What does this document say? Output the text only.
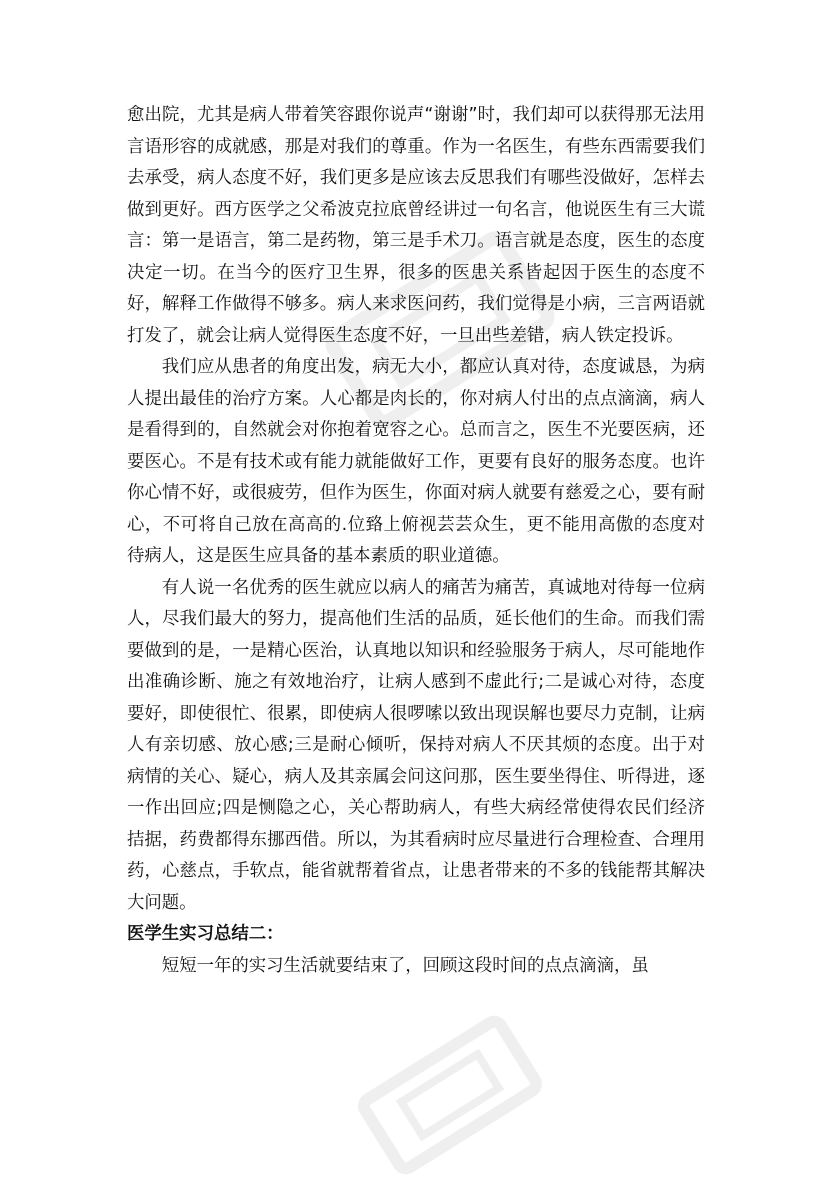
愈出院，尤其是病人带着笑容跟你说声“谢谢”时，我们却可以获得那无法用言语形容的成就感，那是对我们的尊重。作为一名医生，有些东西需要我们去承受，病人态度不好，我们更多是应该去反思我们有哪些没做好，怎样去做到更好。西方医学之父希波克拉底曾经讲过一句名言，他说医生有三大谎言：第一是语言，第二是药物，第三是手术刀。语言就是态度，医生的态度决定一切。在当今的医疗卫生界，很多的医患关系皆起因于医生的态度不好，解释工作做得不够多。病人来求医问药，我们觉得是小病，三言两语就打发了，就会让病人觉得医生态度不好，一旦出些差错，病人铁定投诉。

我们应从患者的角度出发，病无大小，都应认真对待，态度诚恳，为病人提出最佳的治疗方案。人心都是肉长的，你对病人付出的点点滴滴，病人是看得到的，自然就会对你抱着宽容之心。总而言之，医生不光要医病，还要医心。不是有技术或有能力就能做好工作，更要有良好的服务态度。也许你心情不好，或很疲劳，但作为医生，你面对病人就要有慈爱之心，要有耐心，不可将自己放在高高的.位臵上俯视芸芸众生，更不能用高傲的态度对待病人，这是医生应具备的基本素质的职业道德。

有人说一名优秀的医生就应以病人的痛苦为痛苦，真诚地对待每一位病人，尽我们最大的努力，提高他们生活的品质，延长他们的生命。而我们需要做到的是，一是精心医治，认真地以知识和经验服务于病人，尽可能地作出准确诊断、施之有效地治疗，让病人感到不虚此行;二是诚心对待，态度要好，即使很忙、很累，即使病人很啰嗦以致出现误解也要尽力克制，让病人有亲切感、放心感;三是耐心倾听，保持对病人不厌其烦的态度。出于对病情的关心、疑心，病人及其亲属会问这问那，医生要坐得住、听得进，逐一作出回应;四是恻隐之心，关心帮助病人，有些大病经常使得农民们经济拮据，药费都得东挪西借。所以，为其看病时应尽量进行合理检查、合理用药，心慈点，手软点，能省就帮着省点，让患者带来的不多的钱能帮其解决大问题。

医学生实习总结二：

短短一年的实习生活就要结束了，回顾这段时间的点点滴滴，虽
